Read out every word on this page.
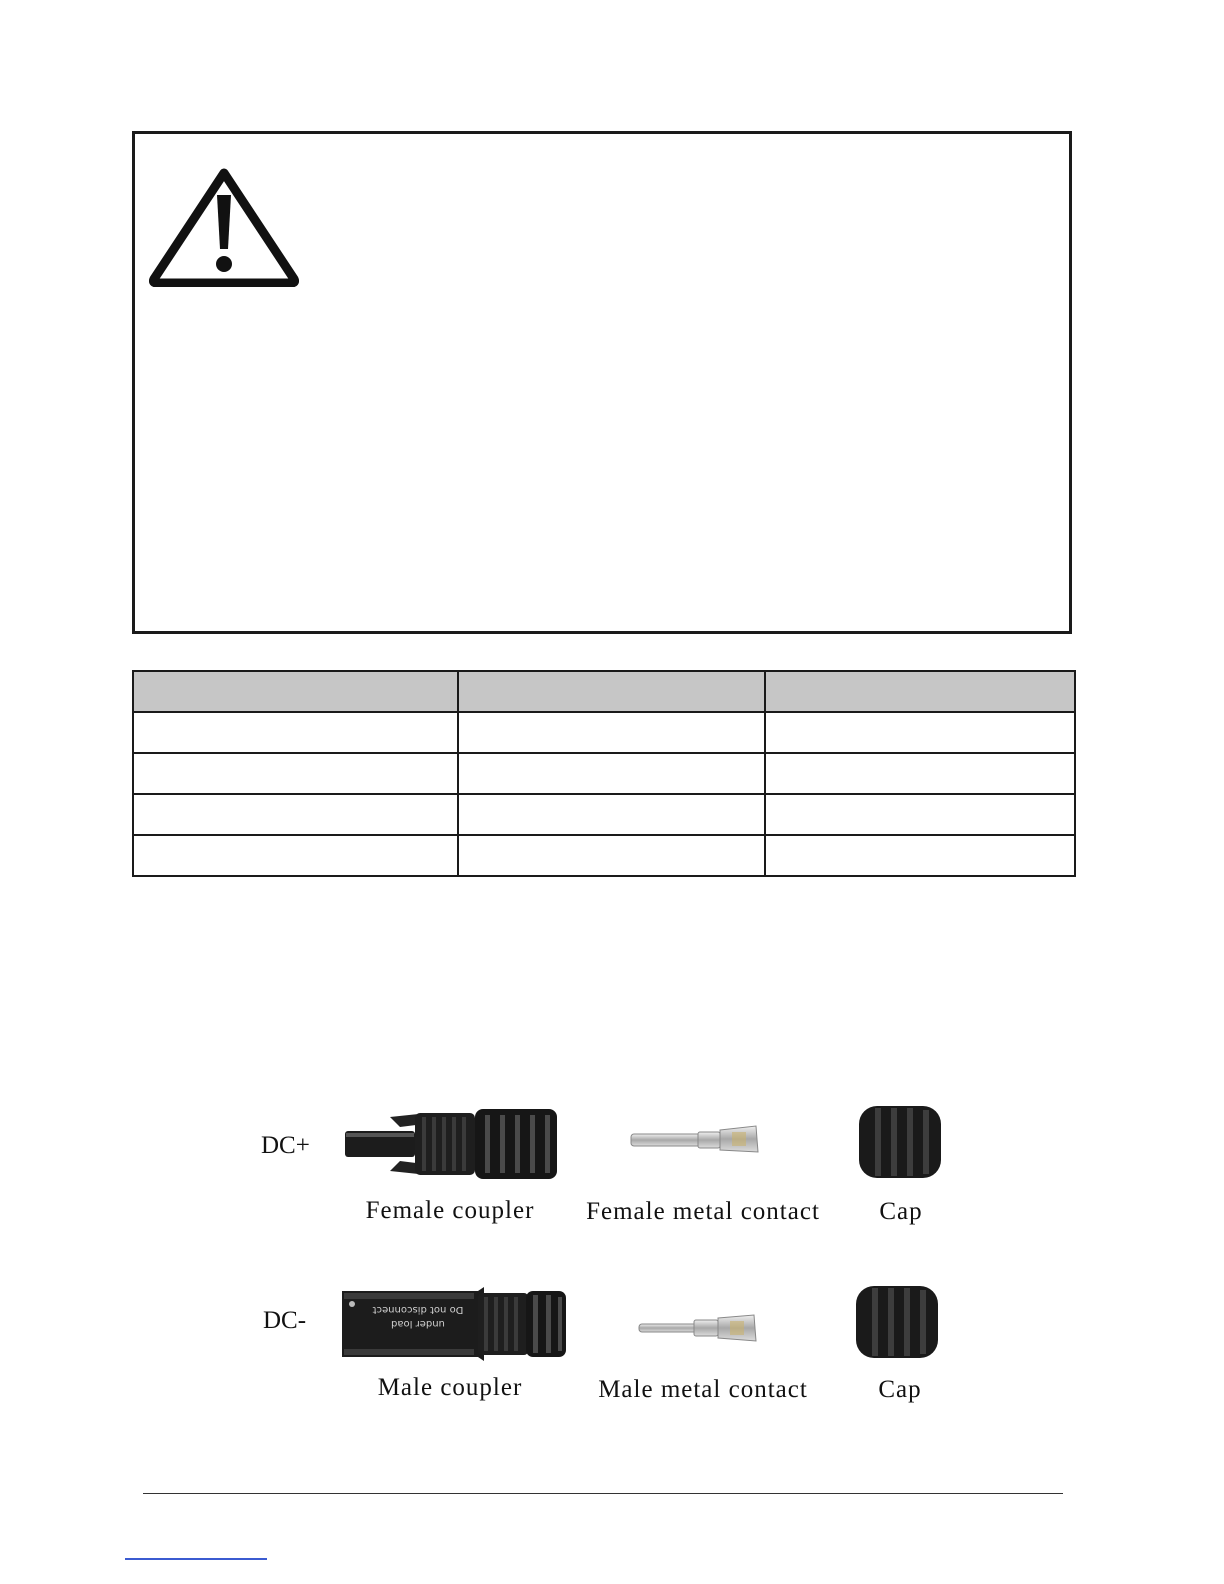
DC+
Female coupler	Female metal contact	Cap
DC-	Do not disconnect
under load
Male coupler	Male metal contact	Cap
